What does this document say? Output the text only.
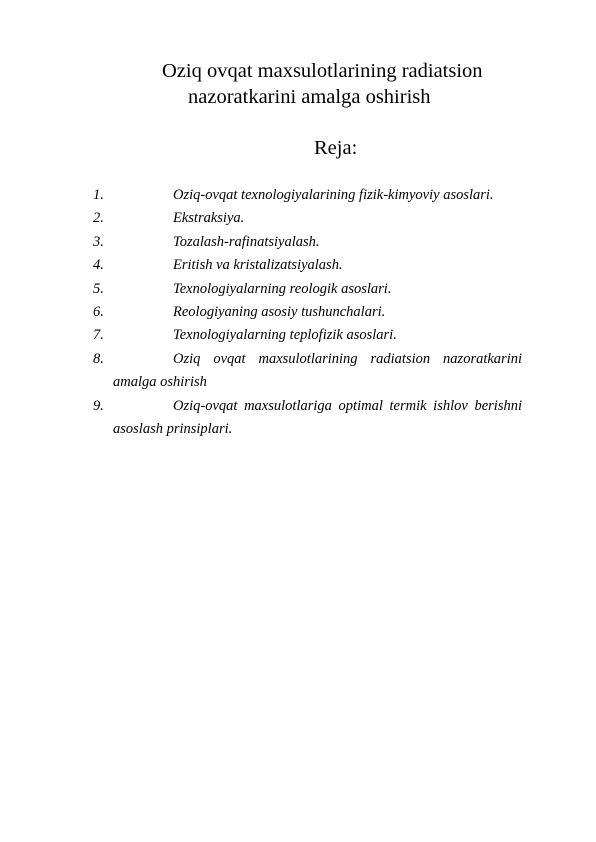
Oziq ovqat maxsulotlarining radiatsion
nazoratkarini amalga oshirish
Reja:
1.	Oziq-ovqat texnologiyalarining fizik-kimyoviy asoslari.
2.	Ekstraksiya.
3.	Tozalash-rafinatsiyalash.
4.	Eritish va kristalizatsiyalash.
5.	Texnologiyalarning reologik asoslari.
6.	Reologiyaning asosiy tushunchalari.
7.	Texnologiyalarning teplofizik asoslari.
8.	Oziq ovqat maxsulotlarining radiatsion nazoratkarini amalga oshirish
9.	Oziq-ovqat maxsulotlariga optimal termik ishlov berishni asoslash prinsiplari.
